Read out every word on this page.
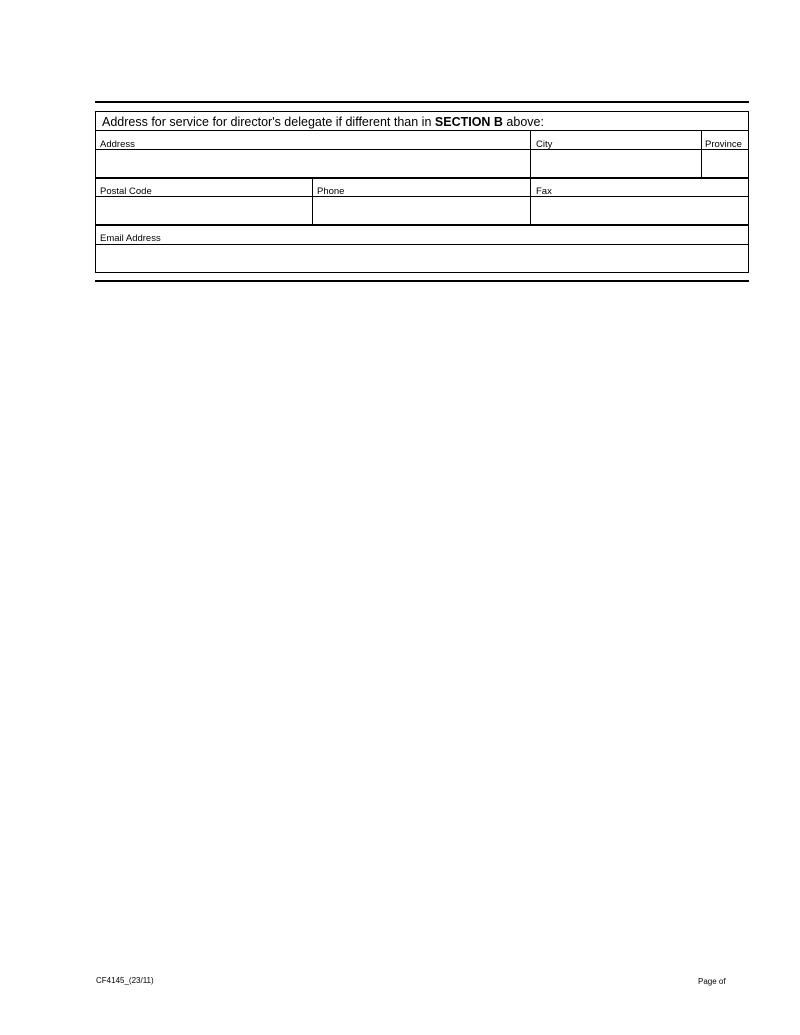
Address for service for director's delegate if different than in SECTION B above:
Address	City	Province
Postal Code	Phone	Fax
Email Address
CF4145_(23/11)	Page of
